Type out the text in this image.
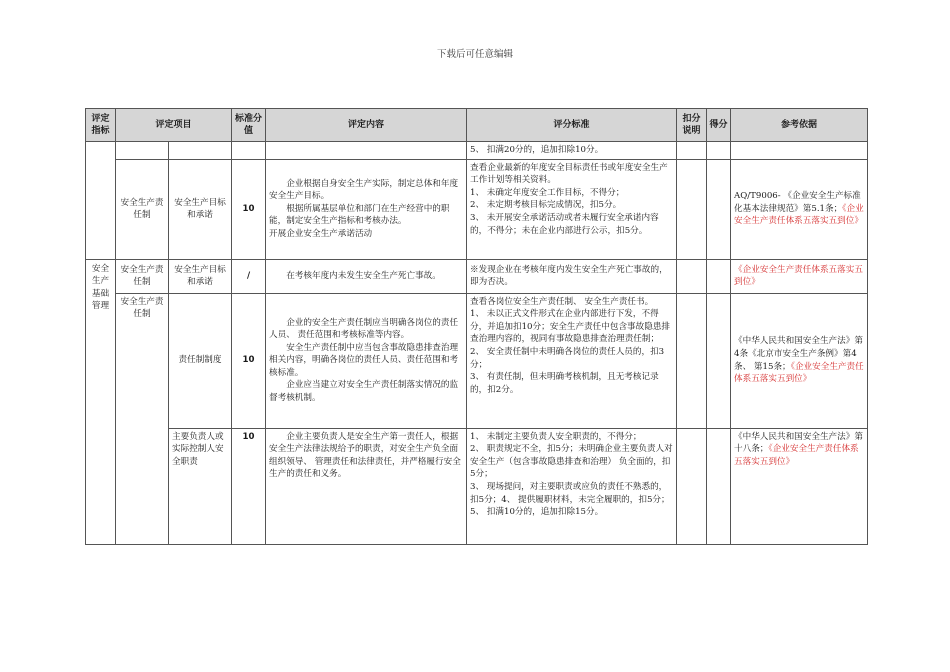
下载后可任意编辑
评定指标	评定项目		标准分值	评定内容	评分标准	扣分说明	得分	参考依据
					5、 扣满20分的，追加扣除10分。			
	安全生产责任制	安全生产目标和承诺	10	企业根据自身安全生产实际，制定总体和年度安全生产目标。
根据所属基层单位和部门在生产经营中的职能，制定安全生产指标和考核办法。
开展企业安全生产承诺活动	查看企业最新的年度安全目标责任书或年度安全生产工作计划等相关资料。
1、 未确定年度安全工作目标，不得分；
2、 未定期考核目标完成情况，扣5分。
3、 未开展安全承诺活动或者未履行安全承诺内容的，不得分；未在企业内部进行公示，扣5分。			AQ/T9006- 《企业安全生产标准化基本法律规范》第5.1条；《企业安全生产责任体系五落实五到位》
安全生产基础管理	安全生产责任制	安全生产目标和承诺	/	在考核年度内未发生安全生产死亡事故。	※发现企业在考核年度内发生安全生产死亡事故的，即为否决。			《企业安全生产责任体系五落实五到位》
	安全生产责任制	责任制制度	10	企业的安全生产责任制应当明确各岗位的责任人员、 责任范围和考核标准等内容。
安全生产责任制中应当包含事故隐患排查治理相关内容，明确各岗位的责任人员、责任范围和考核标准。
企业应当建立对安全生产责任制落实情况的监督考核机制。	查看各岗位安全生产责任制、 安全生产责任书。
1、 未以正式文件形式在企业内部进行下发，不得分，并追加扣10分；安全生产责任中包含事故隐患排查治理内容的，视同有事故隐患排查治理责任制；
2、 安全责任制中未明确各岗位的责任人员的，扣3分；
3、 有责任制，但未明确考核机制，且无考核记录的，扣2分。			《中华人民共和国安全生产法》第4条《北京市安全生产条例》第4条、 第15条；《企业安全生产责任体系五落实五到位》
		主要负责人或实际控制人安全职责	10	企业主要负责人是安全生产第一责任人，根据安全生产法律法规给予的职责，对安全生产负全面组织领导、 管理责任和法律责任，并严格履行安全生产的责任和义务。	1、 未制定主要负责人安全职责的，不得分；
2、 职责规定不全，扣5分；未明确企业主要负责人对安全生产（包含事故隐患排查和治理） 负全面的，扣5分；
3、 现场提问，对主要职责或应负的责任不熟悉的，扣5分；4、 提供履职材料，未完全履职的，扣5分；5、 扣满10分的，追加扣除15分。			《中华人民共和国安全生产法》第十八条；《企业安全生产责任体系五落实五到位》
